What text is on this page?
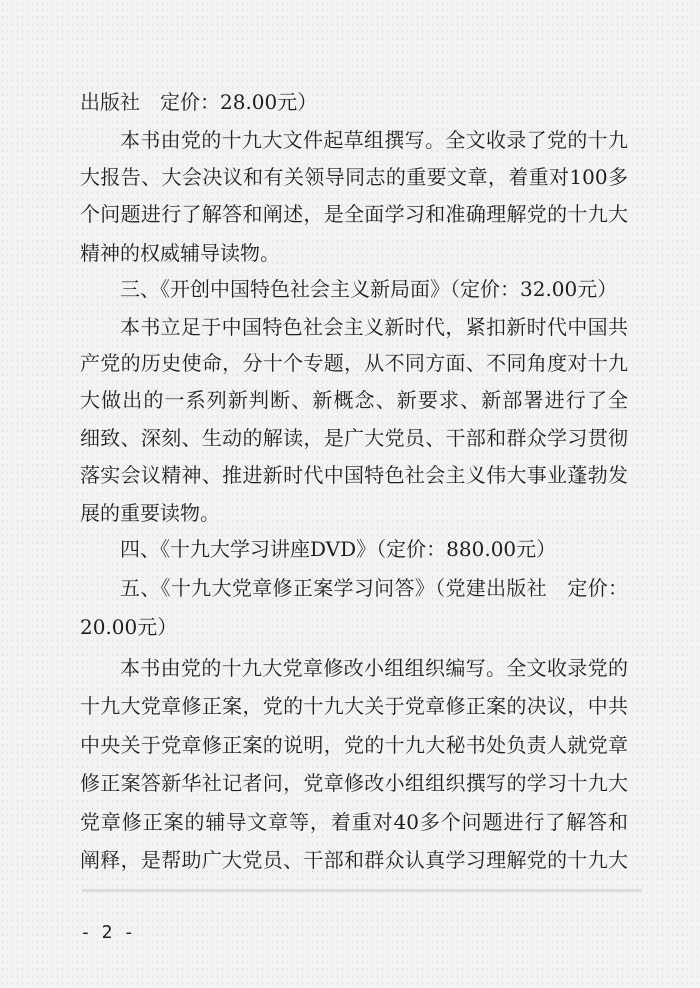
出版社　定价：28.00元）
本书由党的十九大文件起草组撰写。全文收录了党的十九
大报告、大会决议和有关领导同志的重要文章，着重对100多
个问题进行了解答和阐述，是全面学习和准确理解党的十九大
精神的权威辅导读物。
三、《开创中国特色社会主义新局面》（定价：32.00元）
本书立足于中国特色社会主义新时代，紧扣新时代中国共
产党的历史使命，分十个专题，从不同方面、不同角度对十九
大做出的一系列新判断、新概念、新要求、新部署进行了全
细致、深刻、生动的解读，是广大党员、干部和群众学习贯彻
落实会议精神、推进新时代中国特色社会主义伟大事业蓬勃发
展的重要读物。
四、《十九大学习讲座DVD》（定价：880.00元）
五、《十九大党章修正案学习问答》（党建出版社　定价：
20.00元）
本书由党的十九大党章修改小组组织编写。全文收录党的
十九大党章修正案，党的十九大关于党章修正案的决议，中共
中央关于党章修正案的说明，党的十九大秘书处负责人就党章
修正案答新华社记者问，党章修改小组组织撰写的学习十九大
党章修正案的辅导文章等，着重对40多个问题进行了解答和
阐释，是帮助广大党员、干部和群众认真学习理解党的十九大
- 2 -
